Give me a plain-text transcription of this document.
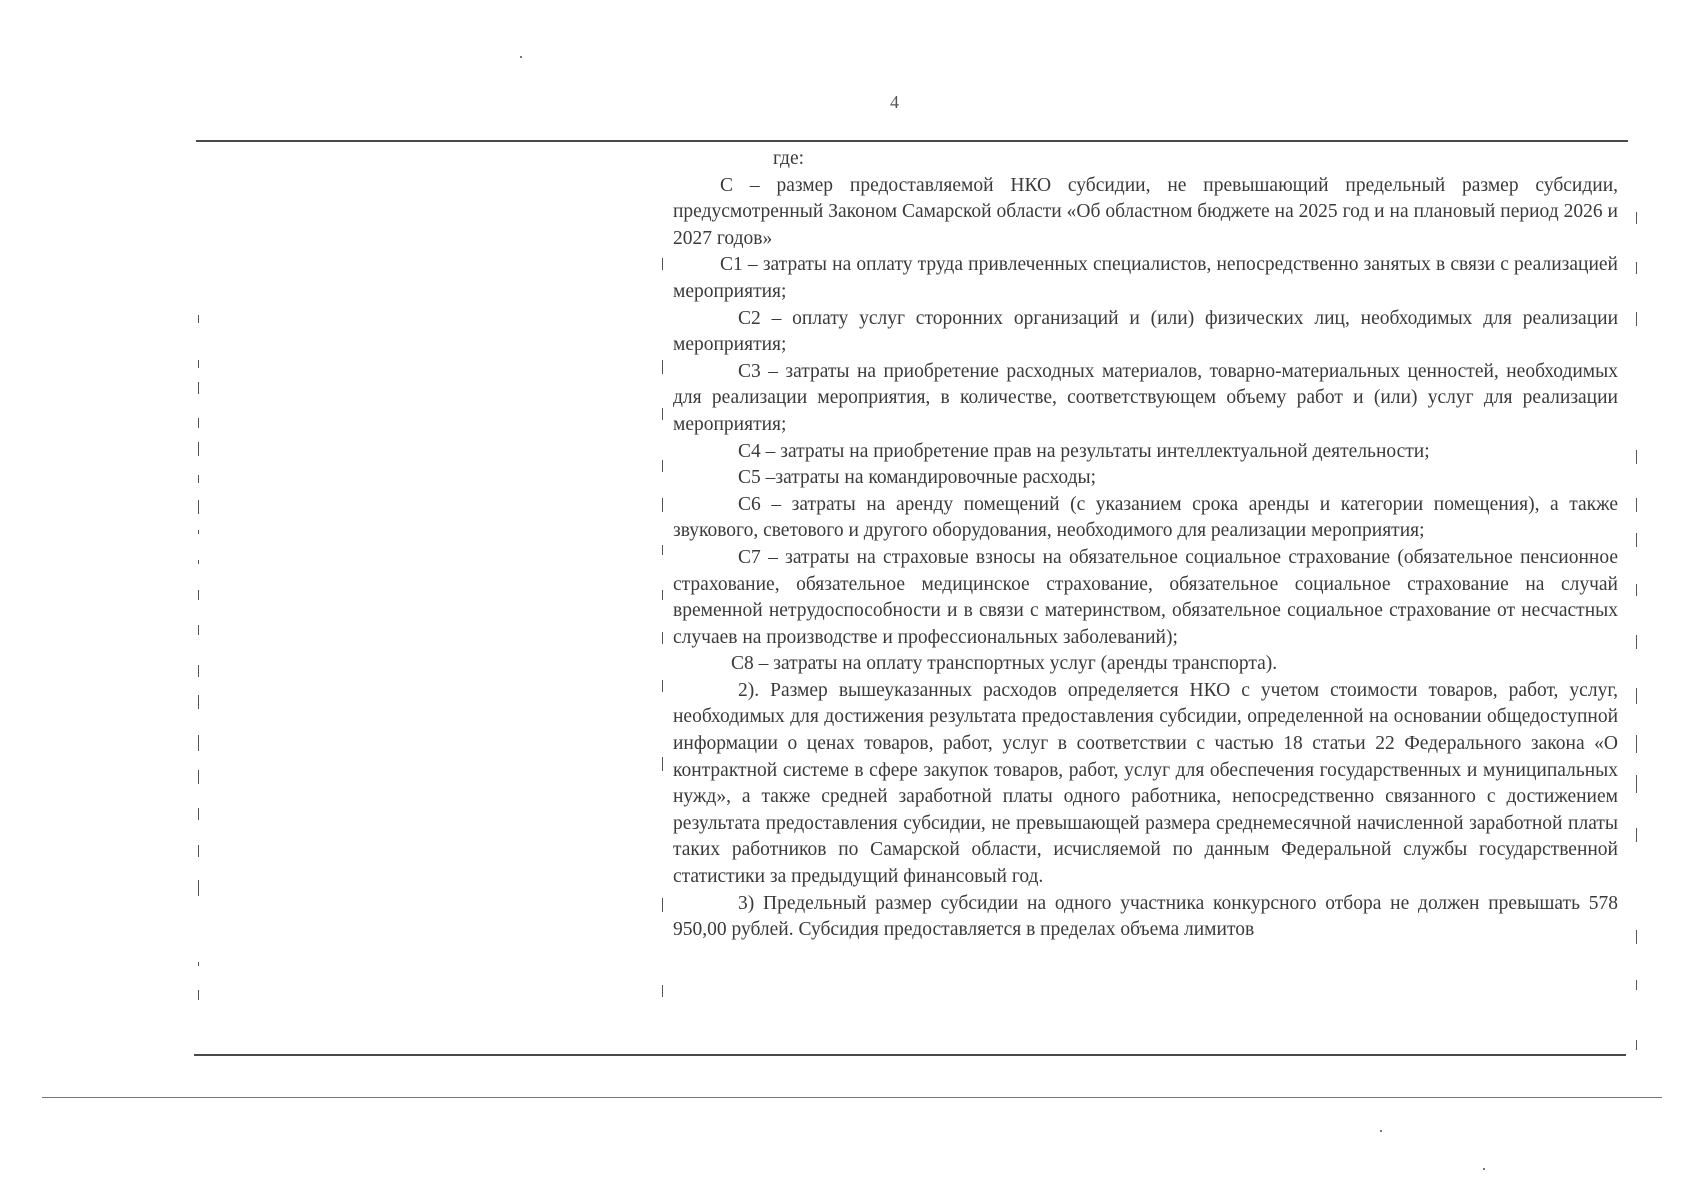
4

где:

С – размер предоставляемой НКО субсидии, не превышающий предельный размер субсидии, предусмотренный Законом Самарской области «Об областном бюджете на 2025 год и на плановый период 2026 и 2027 годов»

С1 – затраты на оплату труда привлеченных специалистов, непосредственно занятых в связи с реализацией мероприятия;

С2 – оплату услуг сторонних организаций и (или) физических лиц, необходимых для реализации мероприятия;

С3 – затраты на приобретение расходных материалов, товарно-материальных ценностей, необходимых для реализации мероприятия, в количестве, соответствующем объему работ и (или) услуг для реализации мероприятия;

С4 – затраты на приобретение прав на результаты интеллектуальной деятельности;

С5 –затраты на командировочные расходы;

С6 – затраты на аренду помещений (с указанием срока аренды и категории помещения), а также звукового, светового и другого оборудования, необходимого для реализации мероприятия;

С7 – затраты на страховые взносы на обязательное социальное страхование (обязательное пенсионное страхование, обязательное медицинское страхование, обязательное социальное страхование на случай временной нетрудоспособности и в связи с материнством, обязательное социальное страхование от несчастных случаев на производстве и профессиональных заболеваний);

С8 – затраты на оплату транспортных услуг (аренды транспорта).

2). Размер вышеуказанных расходов определяется НКО с учетом стоимости товаров, работ, услуг, необходимых для достижения результата предоставления субсидии, определенной на основании общедоступной информации о ценах товаров, работ, услуг в соответствии с частью 18 статьи 22 Федерального закона «О контрактной системе в сфере закупок товаров, работ, услуг для обеспечения государственных и муниципальных нужд», а также средней заработной платы одного работника, непосредственно связанного с достижением результата предоставления субсидии, не превышающей размера среднемесячной начисленной заработной платы таких работников по Самарской области, исчисляемой по данным Федеральной службы государственной статистики за предыдущий финансовый год.

3) Предельный размер субсидии на одного участника конкурсного отбора не должен превышать 578 950,00 рублей. Субсидия предоставляется в пределах объема лимитов
